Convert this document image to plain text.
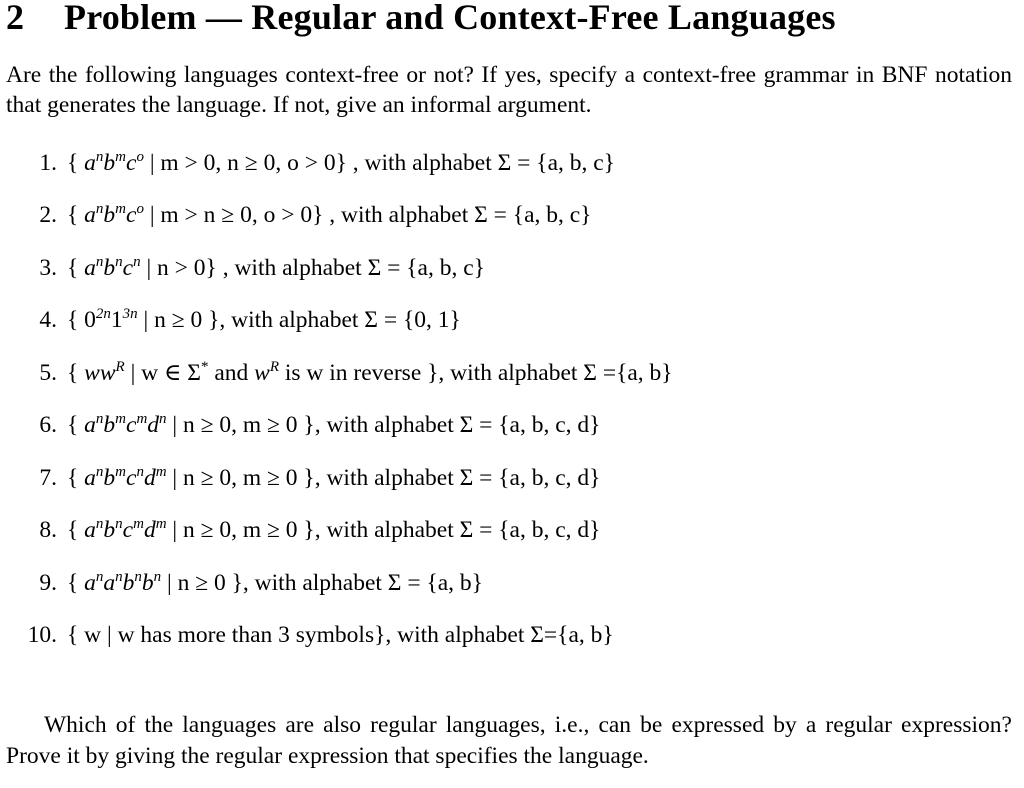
2 Problem — Regular and Context-Free Languages
Are the following languages context-free or not? If yes, specify a context-free grammar in BNF notation that generates the language. If not, give an informal argument.
1. { $a^nb^mc^o$ | m > 0, n ≥ 0, o > 0} , with alphabet Σ = {a, b, c}
2. { $a^nb^mc^o$ | m > n ≥ 0, o > 0} , with alphabet Σ = {a, b, c}
3. { $a^nb^nc^n$ | n > 0} , with alphabet Σ = {a, b, c}
4. { $0^{2n}1^{3n}$ | n ≥ 0 }, with alphabet Σ = {0, 1}
5. { $ww^R$ | w ∈ Σ* and $w^R$ is w in reverse }, with alphabet Σ ={a, b}
6. { $a^nb^mc^md^n$ | n ≥ 0, m ≥ 0 }, with alphabet Σ = {a, b, c, d}
7. { $a^nb^mc^nd^m$ | n ≥ 0, m ≥ 0 }, with alphabet Σ = {a, b, c, d}
8. { $a^nb^nc^md^m$ | n ≥ 0, m ≥ 0 }, with alphabet Σ = {a, b, c, d}
9. { $a^na^nb^nb^n$ | n ≥ 0 }, with alphabet Σ = {a, b}
10. { w | w has more than 3 symbols}, with alphabet Σ={a, b}
Which of the languages are also regular languages, i.e., can be expressed by a regular expression? Prove it by giving the regular expression that specifies the language.
